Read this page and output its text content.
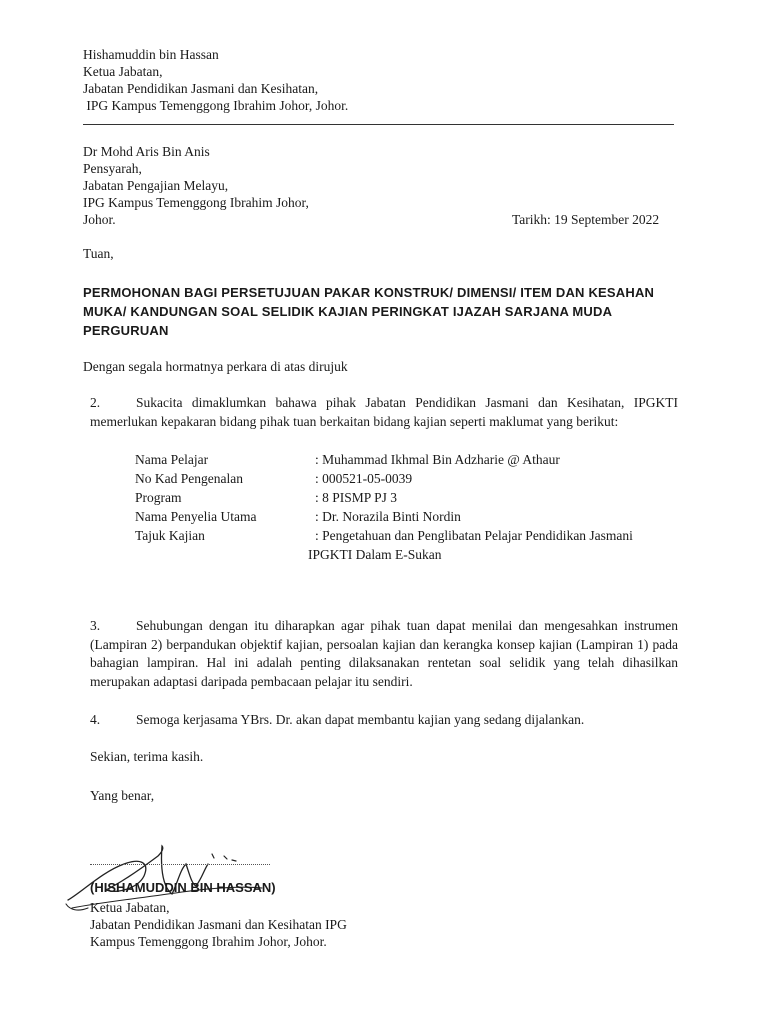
Hishamuddin bin Hassan
Ketua Jabatan,
Jabatan Pendidikan Jasmani dan Kesihatan,
IPG Kampus Temenggong Ibrahim Johor, Johor.
Dr Mohd Aris Bin Anis
Pensyarah,
Jabatan Pengajian Melayu,
IPG Kampus Temenggong Ibrahim Johor,
Johor.	Tarikh: 19 September 2022
Tuan,
PERMOHONAN BAGI PERSETUJUAN PAKAR KONSTRUK/ DIMENSI/ ITEM DAN KESAHAN MUKA/ KANDUNGAN SOAL SELIDIK KAJIAN PERINGKAT IJAZAH SARJANA MUDA PERGURUAN
Dengan segala hormatnya perkara di atas dirujuk
2.	Sukacita dimaklumkan bahawa pihak Jabatan Pendidikan Jasmani dan Kesihatan, IPGKTI memerlukan kepakaran bidang pihak tuan berkaitan bidang kajian seperti maklumat yang berikut:
Nama Pelajar	: Muhammad Ikhmal Bin Adzharie @ Athaur
No Kad Pengenalan	: 000521-05-0039
Program	: 8 PISMP PJ 3
Nama Penyelia Utama	: Dr. Norazila Binti Nordin
Tajuk Kajian	: Pengetahuan dan Penglibatan Pelajar Pendidikan Jasmani
IPGKTI Dalam E-Sukan
3.	Sehubungan dengan itu diharapkan agar pihak tuan dapat menilai dan mengesahkan instrumen (Lampiran 2) berpandukan objektif kajian, persoalan kajian dan kerangka konsep kajian (Lampiran 1) pada bahagian lampiran. Hal ini adalah penting dilaksanakan rentetan soal selidik yang telah dihasilkan merupakan adaptasi daripada pembacaan pelajar itu sendiri.
4.	Semoga kerjasama YBrs. Dr. akan dapat membantu kajian yang sedang dijalankan.
Sekian, terima kasih.
Yang benar,
(HISHAMUDDIN BIN HASSAN)
Ketua Jabatan,
Jabatan Pendidikan Jasmani dan Kesihatan IPG
Kampus Temenggong Ibrahim Johor, Johor.
